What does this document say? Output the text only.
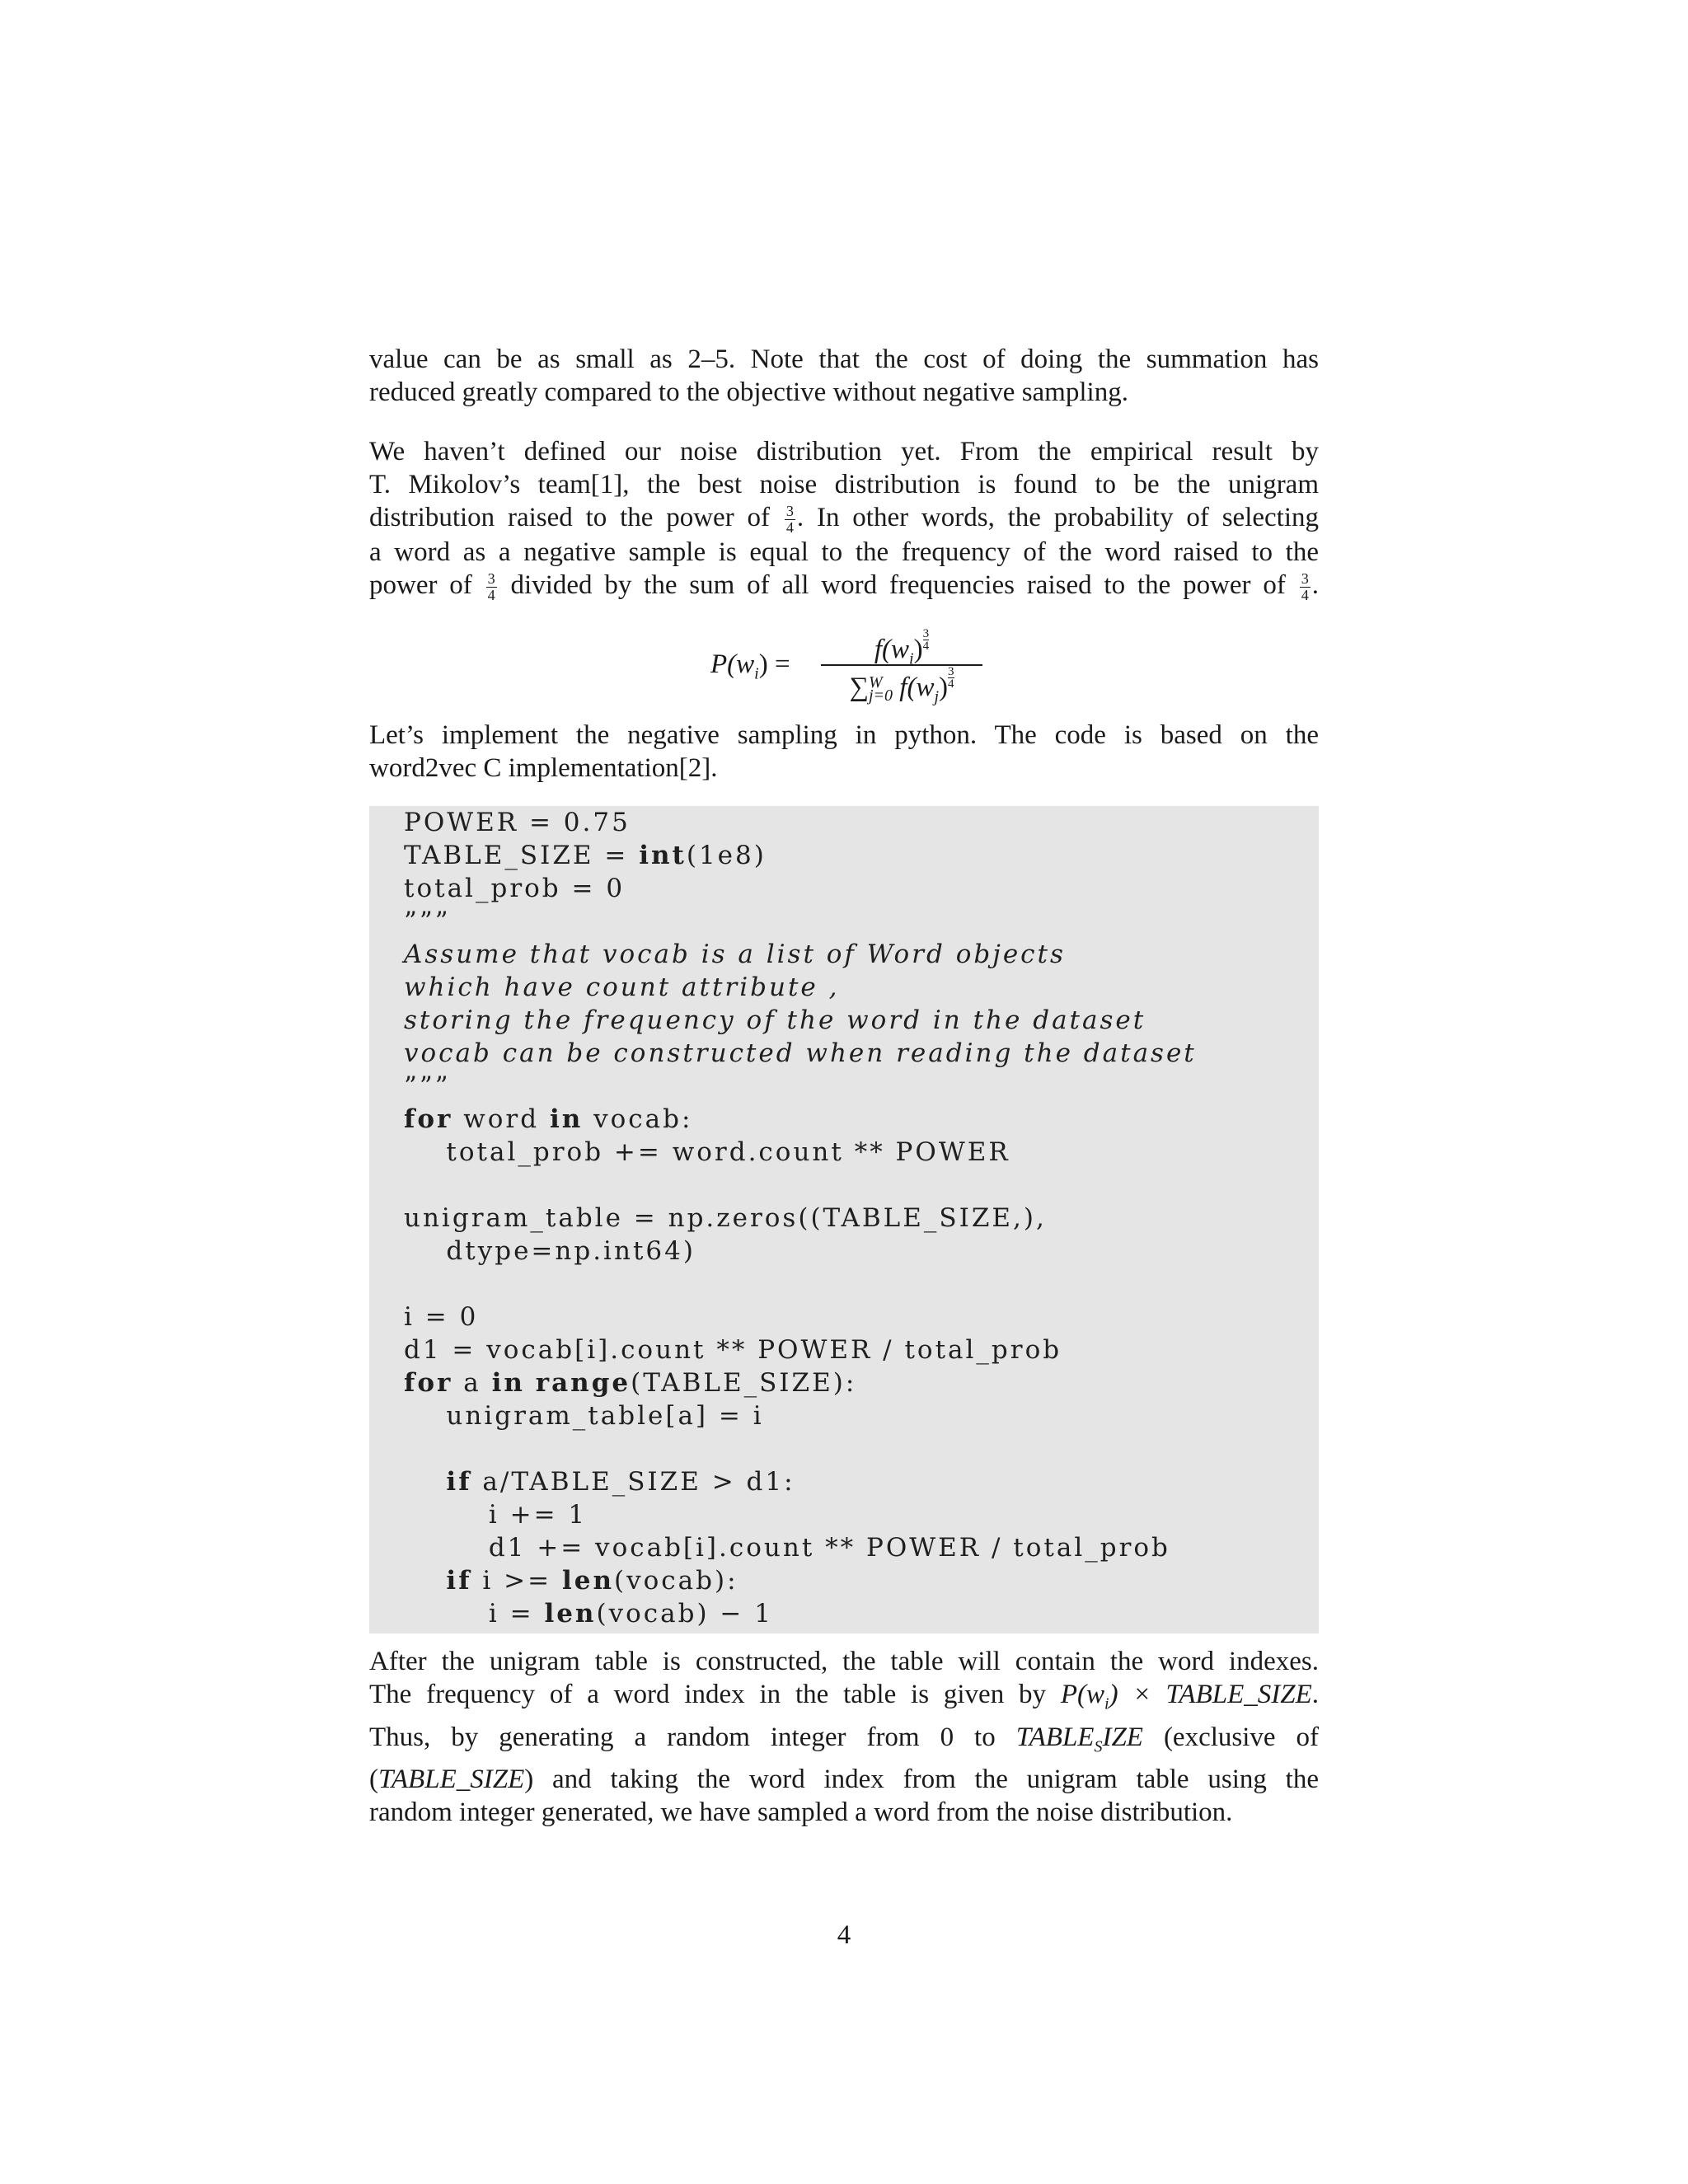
value can be as small as 2–5. Note that the cost of doing the summation has
reduced greatly compared to the objective without negative sampling.
We haven’t defined our noise distribution yet. From the empirical result by
T. Mikolov’s team[1], the best noise distribution is found to be the unigram
distribution raised to the power of $\frac{3}{4}$ . In other words, the probability of selecting
a word as a negative sample is equal to the frequency of the word raised to the
power of $\frac{3}{4}$ divided by the sum of all word frequencies raised to the power of $\frac{3}{4}$ .
$P(w_i) = f(w_i) \frac{3}{4}$
∑ W
j=0 $f(w_j) \frac{3}{4}$
Let’s implement the negative sampling in python. The code is based on the
word2vec C implementation[2].
POWER = 0.75
TABLE_SIZE = int(1e8)
total_prob = 0
”””
Assume that vocab is a list of Word objects
which have count attribute ,
storing the frequency of the word in the dataset
vocab can be constructed when reading the dataset
”””
for word in vocab:
total_prob += word.count ** POWER

unigram_table = np.zeros((TABLE_SIZE,),
dtype=np.int64)

i = 0
d1 = vocab[i].count ** POWER / total_prob
for a in range(TABLE_SIZE):
unigram_table[a] = i

if a/TABLE_SIZE > d1:
i += 1
d1 += vocab[i].count ** POWER / total_prob
if i >= len(vocab):
i = len(vocab) − 1
After the unigram table is constructed, the table will contain the word indexes.
The frequency of a word index in the table is given by $P(w_i)$ × TABLE_SIZE.
Thus, by generating a random integer from 0 to $TABLE_SIZE$ (exclusive of
(TABLE_SIZE) and taking the word index from the unigram table using the
random integer generated, we have sampled a word from the noise distribution.
4
